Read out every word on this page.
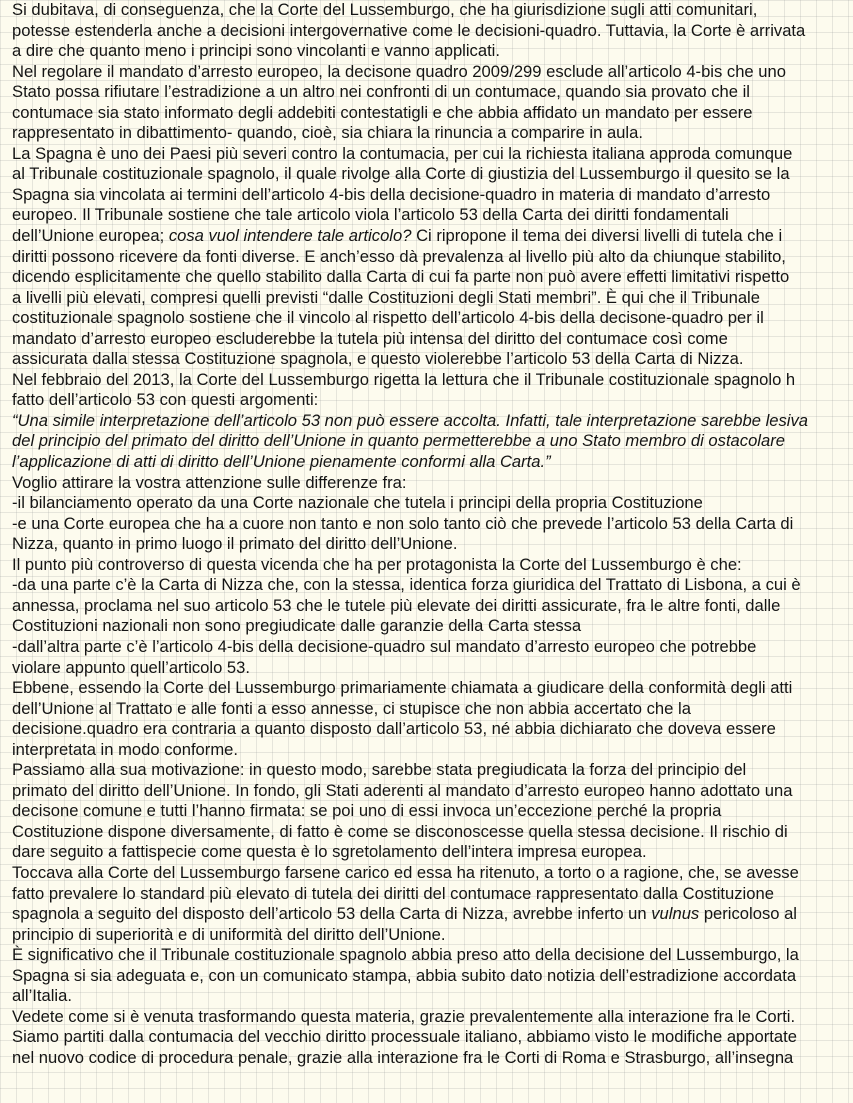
Si dubitava, di conseguenza, che la Corte del Lussemburgo, che ha giurisdizione sugli atti comunitari,
potesse estenderla anche a decisioni intergovernative come le decisioni-quadro. Tuttavia, la Corte è arrivata
a dire che quanto meno i principi sono vincolanti e vanno applicati.
Nel regolare il mandato d’arresto europeo, la decisone quadro 2009/299 esclude all’articolo 4-bis che uno
Stato possa rifiutare l’estradizione a un altro nei confronti di un contumace, quando sia provato che il
contumace sia stato informato degli addebiti contestatigli e che abbia affidato un mandato per essere
rappresentato in dibattimento- quando, cioè, sia chiara la rinuncia a comparire in aula.
La Spagna è uno dei Paesi più severi contro la contumacia, per cui la richiesta italiana approda comunque
al Tribunale costituzionale spagnolo, il quale rivolge alla Corte di giustizia del Lussemburgo il quesito se la
Spagna sia vincolata ai termini dell’articolo 4-bis della decisione-quadro in materia di mandato d’arresto
europeo. Il Tribunale sostiene che tale articolo viola l’articolo 53 della Carta dei diritti fondamentali
dell’Unione europea; cosa vuol intendere tale articolo? Ci ripropone il tema dei diversi livelli di tutela che i
diritti possono ricevere da fonti diverse. E anch’esso dà prevalenza al livello più alto da chiunque stabilito,
dicendo esplicitamente che quello stabilito dalla Carta di cui fa parte non può avere effetti limitativi rispetto
a livelli più elevati, compresi quelli previsti “dalle Costituzioni degli Stati membri”. È qui che il Tribunale
costituzionale spagnolo sostiene che il vincolo al rispetto dell’articolo 4-bis della decisone-quadro per il
mandato d’arresto europeo escluderebbe la tutela più intensa del diritto del contumace così come
assicurata dalla stessa Costituzione spagnola, e questo violerebbe l’articolo 53 della Carta di Nizza.
Nel febbraio del 2013, la Corte del Lussemburgo rigetta la lettura che il Tribunale costituzionale spagnolo h
fatto dell’articolo 53 con questi argomenti:
“Una simile interpretazione dell’articolo 53 non può essere accolta. Infatti, tale interpretazione sarebbe lesiva
del principio del primato del diritto dell’Unione in quanto permetterebbe a uno Stato membro di ostacolare
l’applicazione di atti di diritto dell’Unione pienamente conformi alla Carta.”
Voglio attirare la vostra attenzione sulle differenze fra:
-il bilanciamento operato da una Corte nazionale che tutela i principi della propria Costituzione
-e una Corte europea che ha a cuore non tanto e non solo tanto ciò che prevede l’articolo 53 della Carta di
Nizza, quanto in primo luogo il primato del diritto dell’Unione.
Il punto più controverso di questa vicenda che ha per protagonista la Corte del Lussemburgo è che:
-da una parte c’è la Carta di Nizza che, con la stessa, identica forza giuridica del Trattato di Lisbona, a cui è
annessa, proclama nel suo articolo 53 che le tutele più elevate dei diritti assicurate, fra le altre fonti, dalle
Costituzioni nazionali non sono pregiudicate dalle garanzie della Carta stessa
-dall’altra parte c’è l’articolo 4-bis della decisione-quadro sul mandato d’arresto europeo che potrebbe
violare appunto quell’articolo 53.
Ebbene, essendo la Corte del Lussemburgo primariamente chiamata a giudicare della conformità degli atti
dell’Unione al Trattato e alle fonti a esso annesse, ci stupisce che non abbia accertato che la
decisione.quadro era contraria a quanto disposto dall’articolo 53, né abbia dichiarato che doveva essere
interpretata in modo conforme.
Passiamo alla sua motivazione: in questo modo, sarebbe stata pregiudicata la forza del principio del
primato del diritto dell’Unione. In fondo, gli Stati aderenti al mandato d’arresto europeo hanno adottato una
decisone comune e tutti l’hanno firmata: se poi uno di essi invoca un’eccezione perché la propria
Costituzione dispone diversamente, di fatto è come se disconoscesse quella stessa decisione. Il rischio di
dare seguito a fattispecie come questa è lo sgretolamento dell’intera impresa europea.
Toccava alla Corte del Lussemburgo farsene carico ed essa ha ritenuto, a torto o a ragione, che, se avesse
fatto prevalere lo standard più elevato di tutela dei diritti del contumace rappresentato dalla Costituzione
spagnola a seguito del disposto dell’articolo 53 della Carta di Nizza, avrebbe inferto un vulnus pericoloso al
principio di superiorità e di uniformità del diritto dell’Unione.
È significativo che il Tribunale costituzionale spagnolo abbia preso atto della decisione del Lussemburgo, la
Spagna si sia adeguata e, con un comunicato stampa, abbia subito dato notizia dell’estradizione accordata
all’Italia.
Vedete come si è venuta trasformando questa materia, grazie prevalentemente alla interazione fra le Corti.
Siamo partiti dalla contumacia del vecchio diritto processuale italiano, abbiamo visto le modifiche apportate
nel nuovo codice di procedura penale, grazie alla interazione fra le Corti di Roma e Strasburgo, all’insegna
